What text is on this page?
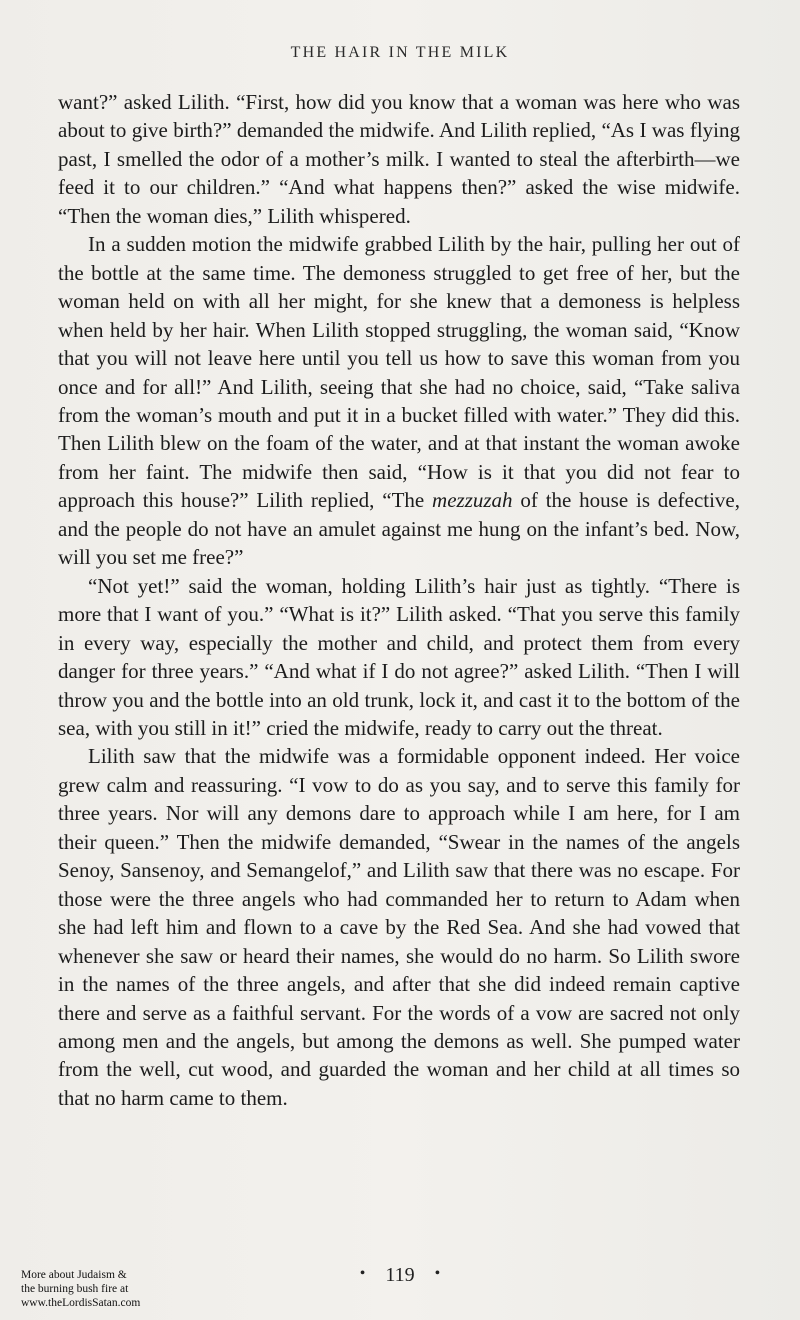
THE HAIR IN THE MILK

want?” asked Lilith. “First, how did you know that a woman was here who was about to give birth?” demanded the midwife. And Lilith replied, “As I was flying past, I smelled the odor of a mother’s milk. I wanted to steal the afterbirth—we feed it to our children.” “And what happens then?” asked the wise midwife. “Then the woman dies,” Lilith whispered.

In a sudden motion the midwife grabbed Lilith by the hair, pulling her out of the bottle at the same time. The demoness struggled to get free of her, but the woman held on with all her might, for she knew that a demoness is helpless when held by her hair. When Lilith stopped struggling, the woman said, “Know that you will not leave here until you tell us how to save this woman from you once and for all!” And Lilith, seeing that she had no choice, said, “Take saliva from the woman’s mouth and put it in a bucket filled with water.” They did this. Then Lilith blew on the foam of the water, and at that instant the woman awoke from her faint. The midwife then said, “How is it that you did not fear to approach this house?” Lilith replied, “The mezzuzah of the house is defective, and the people do not have an amulet against me hung on the infant’s bed. Now, will you set me free?”

“Not yet!” said the woman, holding Lilith’s hair just as tightly. “There is more that I want of you.” “What is it?” Lilith asked. “That you serve this family in every way, especially the mother and child, and protect them from every danger for three years.” “And what if I do not agree?” asked Lilith. “Then I will throw you and the bottle into an old trunk, lock it, and cast it to the bottom of the sea, with you still in it!” cried the midwife, ready to carry out the threat.

Lilith saw that the midwife was a formidable opponent indeed. Her voice grew calm and reassuring. “I vow to do as you say, and to serve this family for three years. Nor will any demons dare to approach while I am here, for I am their queen.” Then the midwife demanded, “Swear in the names of the angels Senoy, Sansenoy, and Semangelof,” and Lilith saw that there was no escape. For those were the three angels who had commanded her to return to Adam when she had left him and flown to a cave by the Red Sea. And she had vowed that whenever she saw or heard their names, she would do no harm. So Lilith swore in the names of the three angels, and after that she did indeed remain captive there and serve as a faithful servant. For the words of a vow are sacred not only among men and the angels, but among the demons as well. She pumped water from the well, cut wood, and guarded the woman and her child at all times so that no harm came to them.

• 119 •
More about Judaism &
the burning bush fire at
www.theLordisSatan.com
